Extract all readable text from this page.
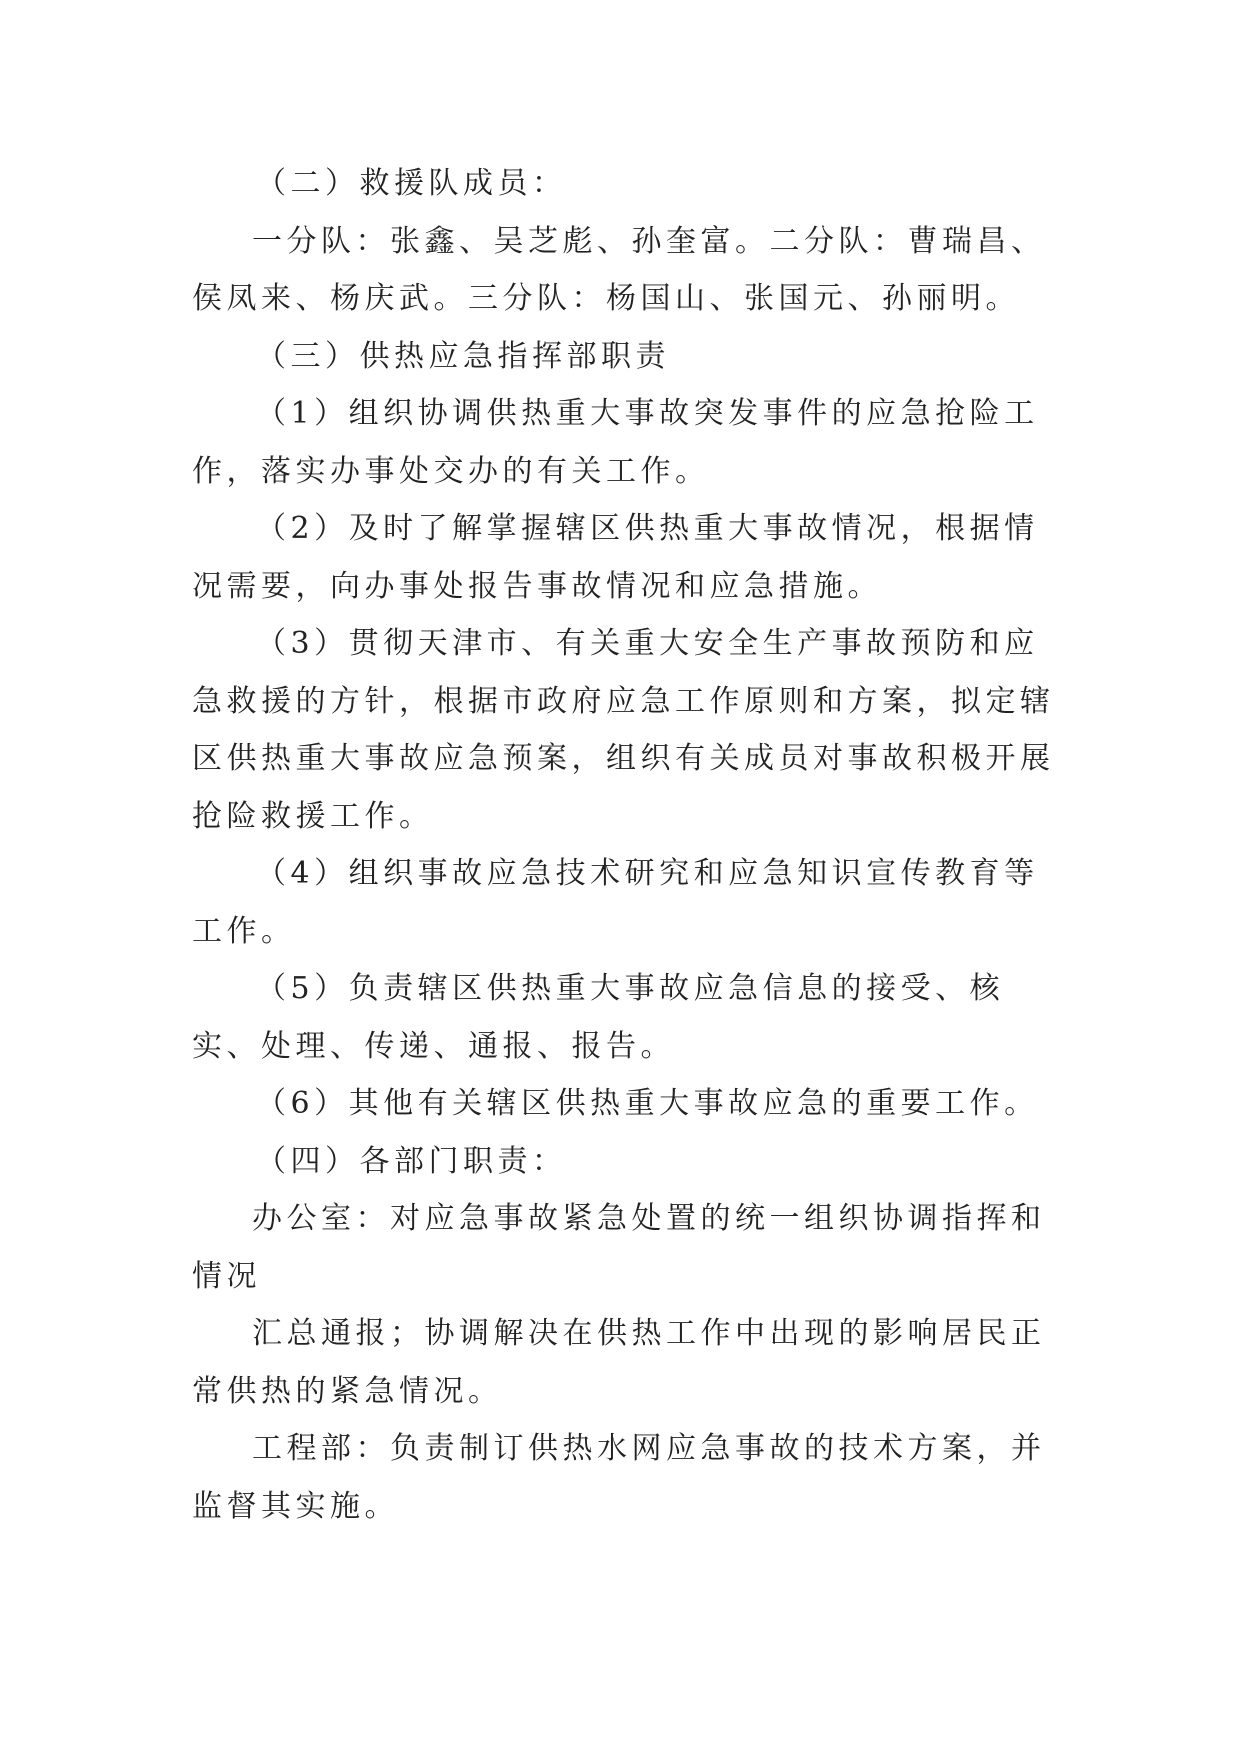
（二）救援队成员：

一分队：张鑫、吴芝彪、孙奎富。二分队：曹瑞昌、侯凤来、杨庆武。三分队：杨国山、张国元、孙丽明。

（三）供热应急指挥部职责

（1）组织协调供热重大事故突发事件的应急抢险工作，落实办事处交办的有关工作。

（2）及时了解掌握辖区供热重大事故情况，根据情况需要，向办事处报告事故情况和应急措施。

（3）贯彻天津市、有关重大安全生产事故预防和应急救援的方针，根据市政府应急工作原则和方案，拟定辖区供热重大事故应急预案，组织有关成员对事故积极开展抢险救援工作。

（4）组织事故应急技术研究和应急知识宣传教育等工作。

（5）负责辖区供热重大事故应急信息的接受、核实、处理、传递、通报、报告。

（6）其他有关辖区供热重大事故应急的重要工作。

（四）各部门职责：

办公室：对应急事故紧急处置的统一组织协调指挥和情况

汇总通报；协调解决在供热工作中出现的影响居民正常供热的紧急情况。

工程部：负责制订供热水网应急事故的技术方案，并监督其实施。
